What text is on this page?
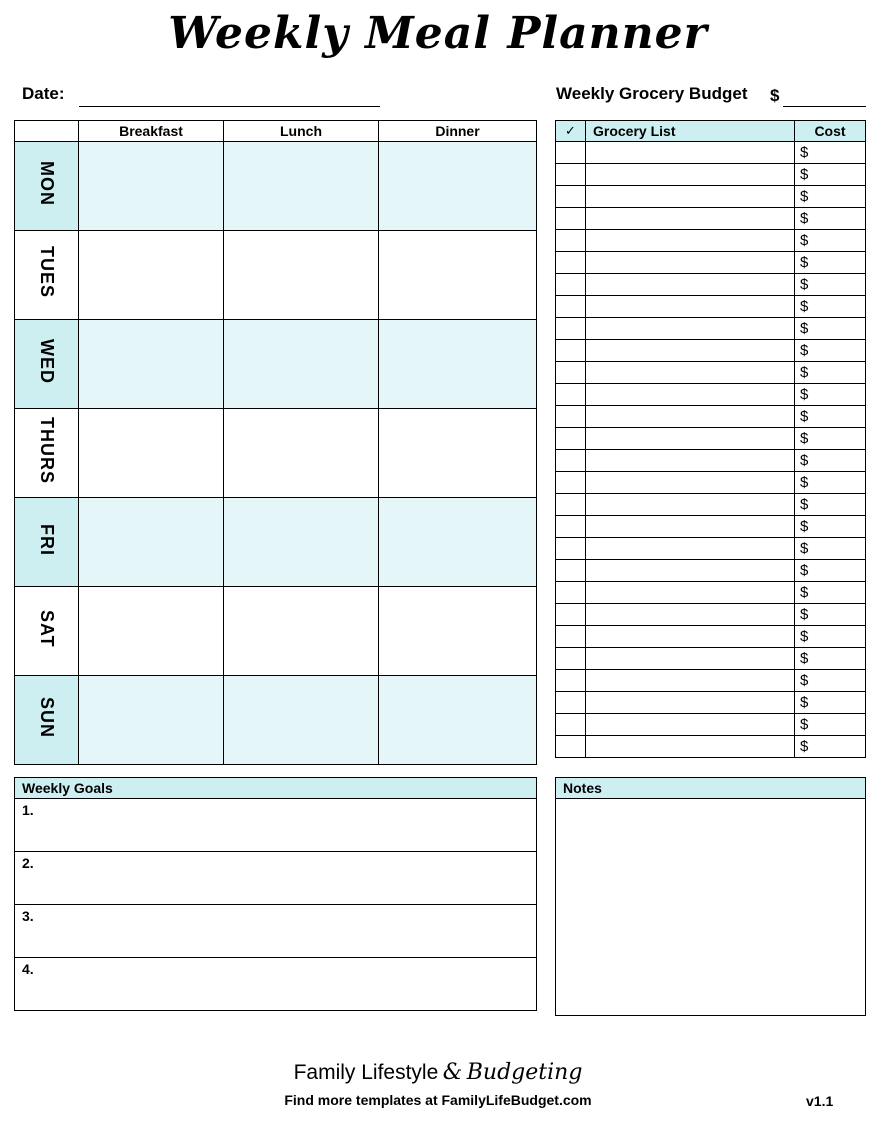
Weekly Meal Planner
Date:	Weekly Grocery Budget $
	Breakfast	Lunch	Dinner
MON			
TUES			
WED			
THURS			
FRI			
SAT			
SUN			
✓	Grocery List	Cost
		$
		$
		$
		$
		$
		$
		$
		$
		$
		$
		$
		$
		$
		$
		$
		$
		$
		$
		$
		$
		$
		$
		$
		$
		$
		$
		$
		$
Weekly Goals
1.
2.
3.
4.
Notes

Family Lifestyle & Budgeting
Find more templates at FamilyLifeBudget.com	v1.1
